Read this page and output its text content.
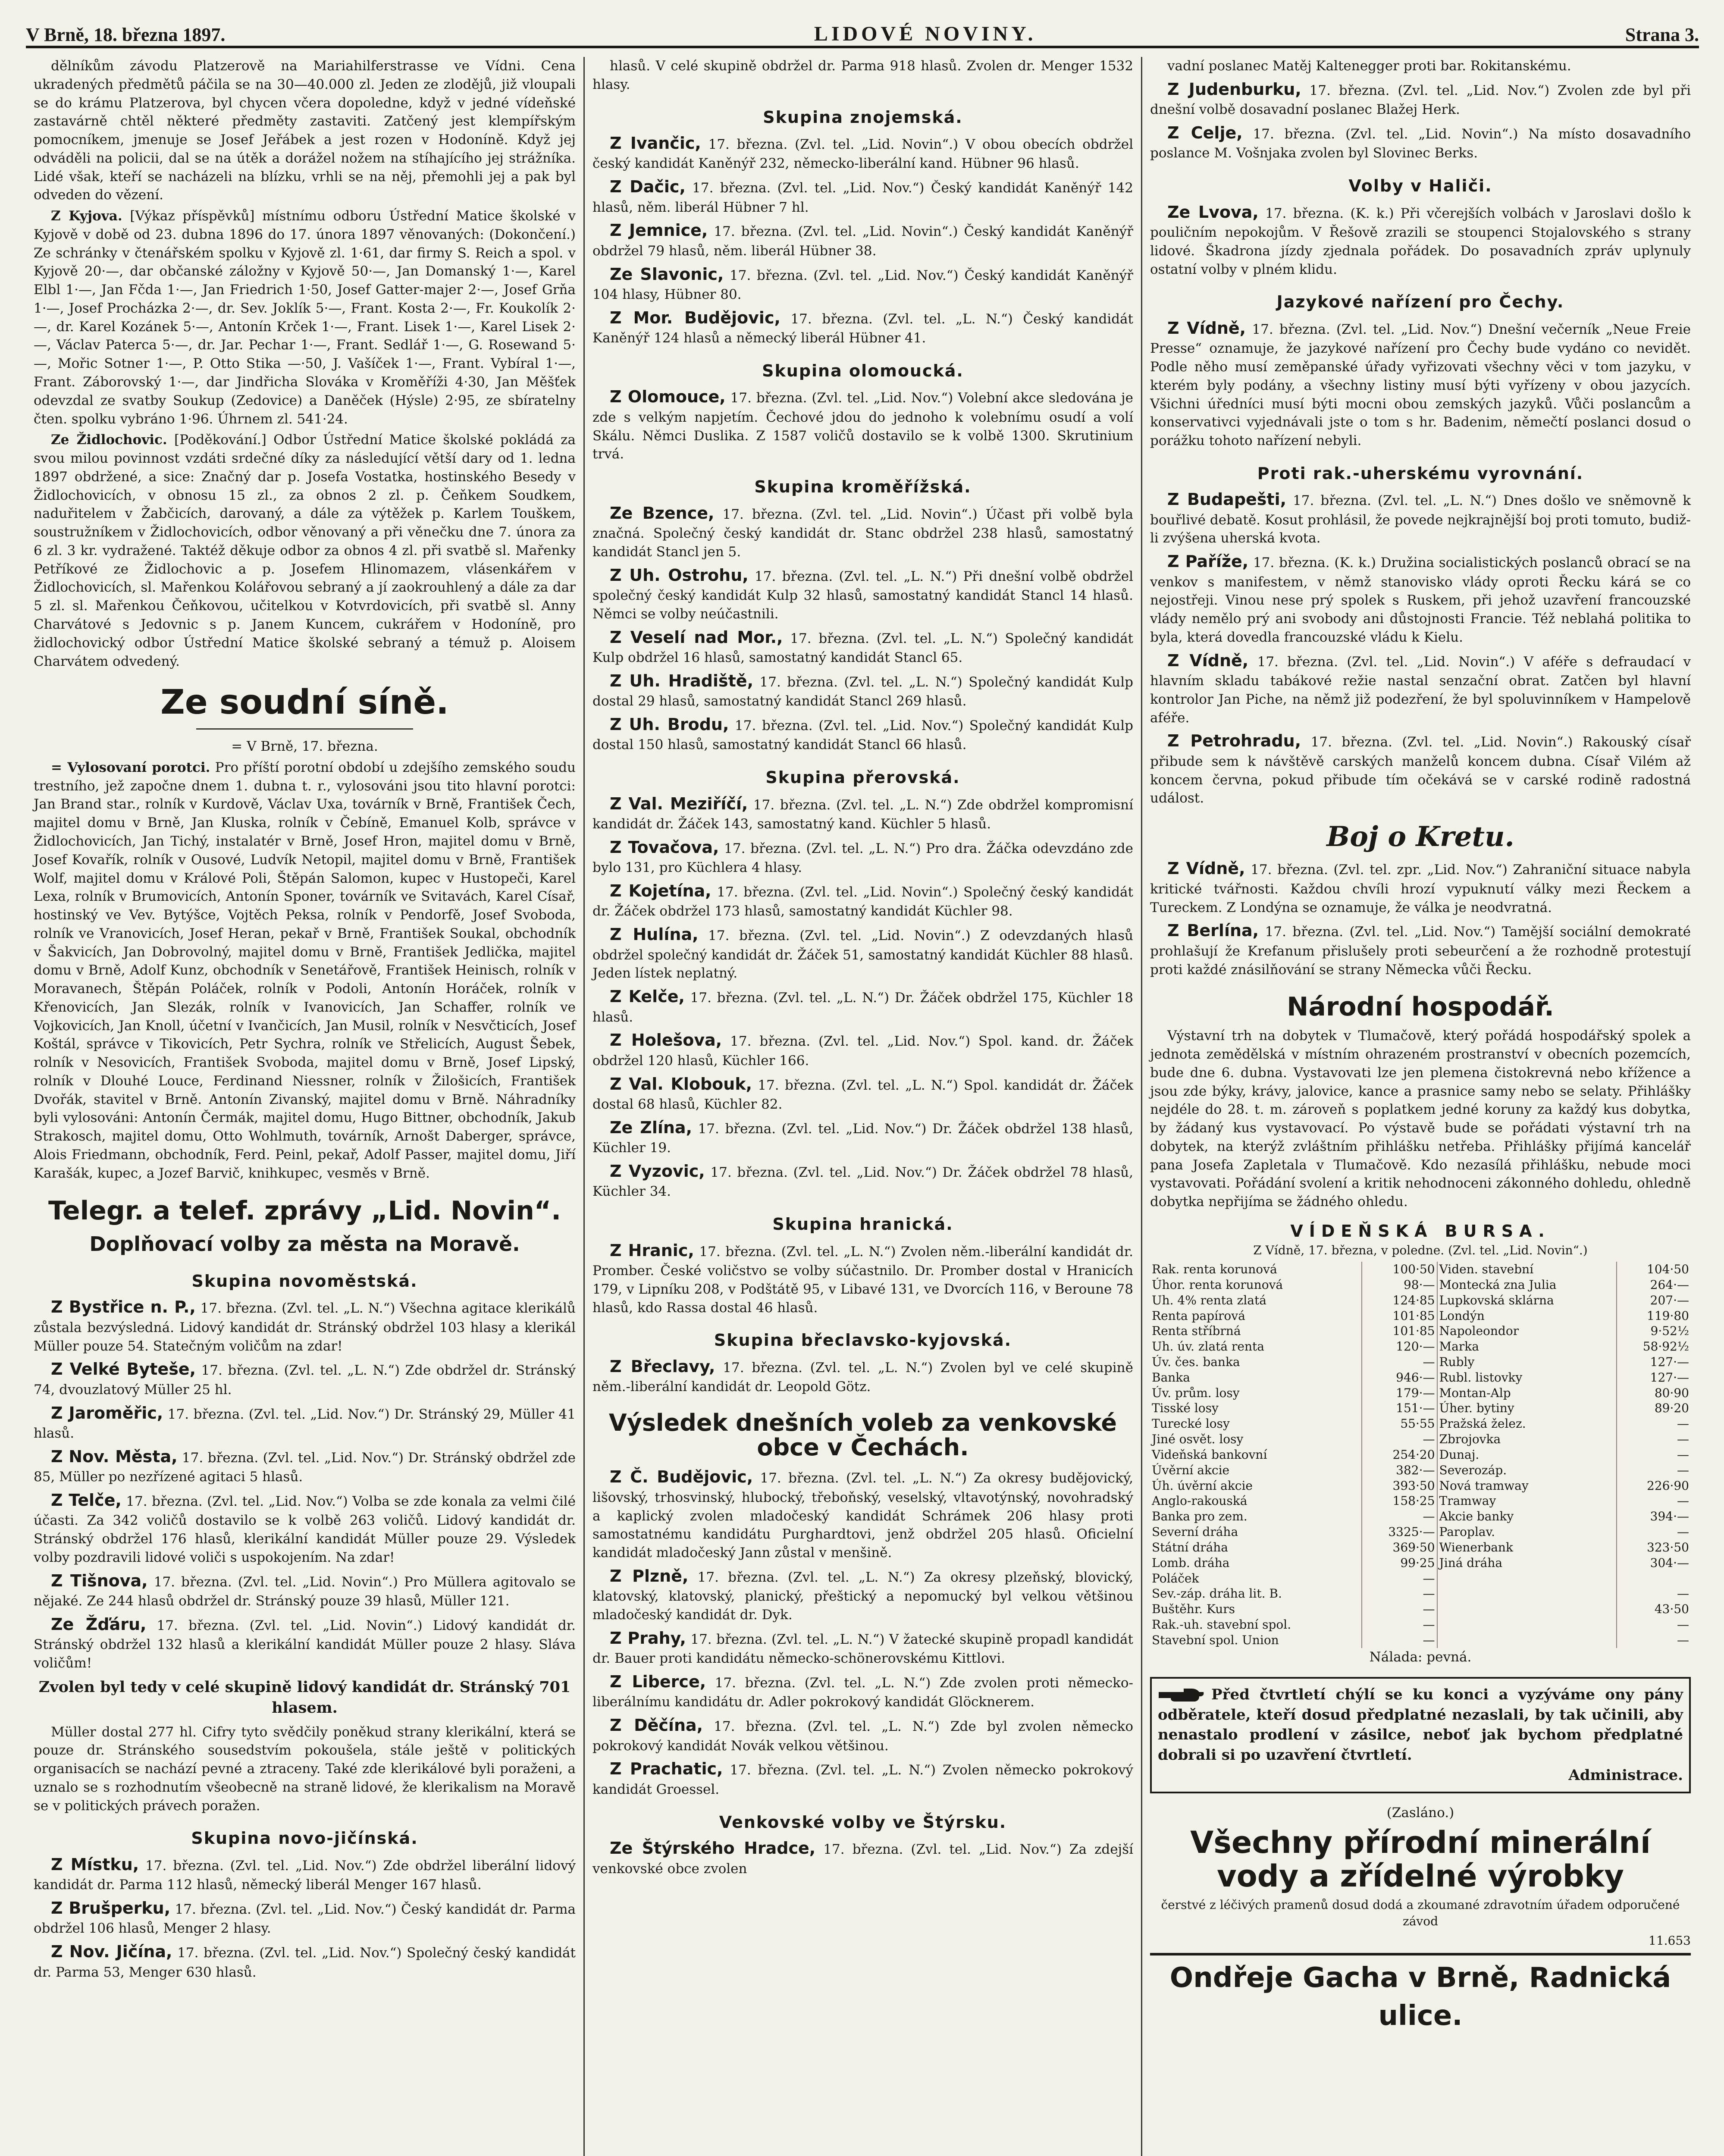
V Brně, 18. března 1897.	LIDOVÉ NOVINY.	Strana 3.

dělníkům závodu Platzerově na Mariahilferstrasse ve Vídni. Cena ukradených předmětů páčila se na 30—40.000 zl. Jeden ze zlodějů, již vloupali se do krámu Platzerova, byl chycen včera dopoledne, když v jedné vídeňské zastavárně chtěl některé předměty zastaviti. Zatčený jest klempířským pomocníkem, jmenuje se Josef Jeřábek a jest rozen v Hodoníně. Když jej odváděli na policii, dal se na útěk a dorážel nožem na stíhajícího jej strážníka. Lidé však, kteří se nacházeli na blízku, vrhli se na něj, přemohli jej a pak byl odveden do vězení.

Z Kyjova. [Výkaz příspěvků] místnímu odboru Ústřední Matice školské v Kyjově v době od 23. dubna 1896 do 17. února 1897 věnovaných: (Dokončení.) Ze schránky v čtenářském spolku v Kyjově zl. 1·61, dar firmy S. Reich a spol. v Kyjově 20·—, dar občanské záložny v Kyjově 50·—, Jan Domanský 1·—, Karel Elbl 1·—, Jan Fčda 1·—, Jan Friedrich 1·50, Josef Gatter-majer 2·—, Josef Grňa 1·—, Josef Procházka 2·—, dr. Sev. Joklík 5·—, Frant. Kosta 2·—, Fr. Koukolík 2·—, dr. Karel Kozánek 5·—, Antonín Krček 1·—, Frant. Lisek 1·—, Karel Lisek 2·—, Václav Paterca 5·—, dr. Jar. Pechar 1·—, Frant. Sedlář 1·—, G. Rosewand 5·—, Mořic Sotner 1·—, P. Otto Stika —·50, J. Vašíček 1·—, Frant. Vybíral 1·—, Frant. Záborovský 1·—, dar Jindřicha Slováka v Kroměříži 4·30, Jan Měšťek odevzdal ze svatby Soukup (Zedovice) a Daněček (Hýsle) 2·95, ze sbíratelny čten. spolku vybráno 1·96. Úhrnem zl. 541·24.

Ze Židlochovic. [Poděkování.] Odbor Ústřední Matice školské pokládá za svou milou povinnost vzdáti srdečné díky za následující větší dary od 1. ledna 1897 obdržené, a sice: Značný dar p. Josefa Vostatka, hostinského Besedy v Židlochovicích, v obnosu 15 zl., za obnos 2 zl. p. Čeňkem Soudkem, naduřitelem v Žabčicích, darovaný, a dále za výtěžek p. Karlem Touškem, soustružníkem v Židlochovicích, odbor věnovaný a při věnečku dne 7. února za 6 zl. 3 kr. vydražené. Taktéž děkuje odbor za obnos 4 zl. při svatbě sl. Mařenky Petříkové ze Židlochovic a p. Josefem Hlinomazem, vlásenkářem v Židlochovicích, sl. Mařenkou Kolářovou sebraný a jí zaokrouhlený a dále za dar 5 zl. sl. Mařenkou Čeňkovou, učitelkou v Kotvrdovicích, při svatbě sl. Anny Charvátové s Jedovnic s p. Janem Kuncem, cukrářem v Hodoníně, pro židlochovický odbor Ústřední Matice školské sebraný a témuž p. Aloisem Charvátem odvedený.

Ze soudní síně.

= V Brně, 17. března.

= Vylosovaní porotci. Pro příští porotní období u zdejšího zemského soudu trestního, jež započne dnem 1. dubna t. r., vylosováni jsou tito hlavní porotci: Jan Brand star., rolník v Kurdově, Václav Uxa, továrník v Brně, František Čech, majitel domu v Brně, Jan Kluska, rolník v Čebíně, Emanuel Kolb, správce v Židlochovicích, Jan Tichý, instalatér v Brně, Josef Hron, majitel domu v Brně, Josef Kovařík, rolník v Ousové, Ludvík Netopil, majitel domu v Brně, František Wolf, majitel domu v Králové Poli, Štěpán Salomon, kupec v Hustopeči, Karel Lexa, rolník v Brumovicích, Antonín Sponer, továrník ve Svitavách, Karel Císař, hostinský ve Vev. Bytýšce, Vojtěch Peksa, rolník v Pendorfě, Josef Svoboda, rolník ve Vranovicích, Josef Heran, pekař v Brně, František Soukal, obchodník v Šakvicích, Jan Dobrovolný, majitel domu v Brně, František Jedlička, majitel domu v Brně, Adolf Kunz, obchodník v Senetářově, František Heinisch, rolník v Moravanech, Štěpán Poláček, rolník v Podoli, Antonín Horáček, rolník v Křenovicích, Jan Slezák, rolník v Ivanovicích, Jan Schaffer, rolník ve Vojkovicích, Jan Knoll, účetní v Ivančicích, Jan Musil, rolník v Nesvčticích, Josef Koštál, správce v Tikovicích, Petr Sychra, rolník ve Střelicích, August Šebek, rolník v Nesovicích, František Svoboda, majitel domu v Brně, Josef Lipský, rolník v Dlouhé Louce, Ferdinand Niessner, rolník v Žilošicích, František Dvořák, stavitel v Brně. Antonín Zivanský, majitel domu v Brně. Náhradníky byli vylosováni: Antonín Čermák, majitel domu, Hugo Bittner, obchodník, Jakub Strakosch, majitel domu, Otto Wohlmuth, továrník, Arnošt Daberger, správce, Alois Friedmann, obchodník, Ferd. Peinl, pekař, Adolf Passer, majitel domu, Jiří Karašák, kupec, a Jozef Barvič, knihkupec, vesměs v Brně.

Telegr. a telef. zprávy „Lid. Novin“.
Doplňovací volby za města na Moravě.
Skupina novoměstská.

Z Bystřice n. P., 17. března. (Zvl. tel. „L. N.“) Všechna agitace klerikálů zůstala bezvýsledná. Lidový kandidát dr. Stránský obdržel 103 hlasy a klerikál Müller pouze 54. Statečným voličům na zdar!

Z Velké Byteše, 17. března. (Zvl. tel. „L. N.“) Zde obdržel dr. Stránský 74, dvouzlatový Müller 25 hl.

Z Jaroměřic, 17. března. (Zvl. tel. „Lid. Nov.“) Dr. Stránský 29, Müller 41 hlasů.

Z Nov. Města, 17. března. (Zvl. tel. „Lid. Nov.“) Dr. Stránský obdržel zde 85, Müller po nezřízené agitaci 5 hlasů.

Z Telče, 17. března. (Zvl. tel. „Lid. Nov.“) Volba se zde konala za velmi čilé účasti. Za 342 voličů dostavilo se k volbě 263 voličů. Lidový kandidát dr. Stránský obdržel 176 hlasů, klerikální kandidát Müller pouze 29. Výsledek volby pozdravili lidové voliči s uspokojením. Na zdar!

Z Tišnova, 17. března. (Zvl. tel. „Lid. Novin“.) Pro Müllera agitovalo se nějaké. Ze 244 hlasů obdržel dr. Stránský pouze 39 hlasů, Müller 121.

Ze Žďáru, 17. března. (Zvl. tel. „Lid. Novin“.) Lidový kandidát dr. Stránský obdržel 132 hlasů a klerikální kandidát Müller pouze 2 hlasy. Sláva voličům!

Zvolen byl tedy v celé skupině lidový kandidát dr. Stránský 701 hlasem.

Müller dostal 277 hl. Cifry tyto svědčily poněkud strany klerikální, která se pouze dr. Stránského sousedstvím pokoušela, stále ještě v politických organisacích se nachází pevné a ztraceny. Také zde klerikálové byli poraženi, a uznalo se s rozhodnutím všeobecně na straně lidové, že klerikalism na Moravě se v politických právech poražen.

Skupina novo-jičínská.

Z Místku, 17. března. (Zvl. tel. „Lid. Nov.“) Zde obdržel liberální lidový kandidát dr. Parma 112 hlasů, německý liberál Menger 167 hlasů.

Z Brušperku, 17. března. (Zvl. tel. „Lid. Nov.“) Český kandidát dr. Parma obdržel 106 hlasů, Menger 2 hlasy.

Z Nov. Jičína, 17. března. (Zvl. tel. „Lid. Nov.“) Společný český kandidát dr. Parma 53, Menger 630 hlasů.

hlasů. V celé skupině obdržel dr. Parma 918 hlasů. Zvolen dr. Menger 1532 hlasy.

Skupina znojemská.

Z Ivančic, 17. března. (Zvl. tel. „Lid. Novin“.) V obou obecích obdržel český kandidát Kaněnýř 232, německo-liberální kand. Hübner 96 hlasů.

Z Dačic, 17. března. (Zvl. tel. „Lid. Nov.“) Český kandidát Kaněnýř 142 hlasů, něm. liberál Hübner 7 hl.

Z Jemnice, 17. března. (Zvl. tel. „Lid. Novin“.) Český kandidát Kaněnýř obdržel 79 hlasů, něm. liberál Hübner 38.

Ze Slavonic, 17. března. (Zvl. tel. „Lid. Nov.“) Český kandidát Kaněnýř 104 hlasy, Hübner 80.

Z Mor. Budějovic, 17. března. (Zvl. tel. „L. N.“) Český kandidát Kaněnýř 124 hlasů a německý liberál Hübner 41.

Skupina olomoucká.

Z Olomouce, 17. března. (Zvl. tel. „Lid. Nov.“) Volební akce sledována je zde s velkým napjetím. Čechové jdou do jednoho k volebnímu osudí a volí Skálu. Němci Duslika. Z 1587 voličů dostavilo se k volbě 1300. Skrutinium trvá.

Skupina kroměřížská.

Ze Bzence, 17. března. (Zvl. tel. „Lid. Novin“.) Účast při volbě byla značná. Společný český kandidát dr. Stanc obdržel 238 hlasů, samostatný kandidát Stancl jen 5.

Z Uh. Ostrohu, 17. března. (Zvl. tel. „L. N.“) Při dnešní volbě obdržel společný český kandidát Kulp 32 hlasů, samostatný kandidát Stancl 14 hlasů. Němci se volby neúčastnili.

Z Veselí nad Mor., 17. března. (Zvl. tel. „L. N.“) Společný kandidát Kulp obdržel 16 hlasů, samostatný kandidát Stancl 65.

Z Uh. Hradiště, 17. března. (Zvl. tel. „L. N.“) Společný kandidát Kulp dostal 29 hlasů, samostatný kandidát Stancl 269 hlasů.

Z Uh. Brodu, 17. března. (Zvl. tel. „Lid. Nov.“) Společný kandidát Kulp dostal 150 hlasů, samostatný kandidát Stancl 66 hlasů.

Skupina přerovská.

Z Val. Meziříčí, 17. března. (Zvl. tel. „L. N.“) Zde obdržel kompromisní kandidát dr. Žáček 143, samostatný kand. Küchler 5 hlasů.

Z Tovačova, 17. března. (Zvl. tel. „L. N.“) Pro dra. Žáčka odevzdáno zde bylo 131, pro Küchlera 4 hlasy.

Z Kojetína, 17. března. (Zvl. tel. „Lid. Novin“.) Společný český kandidát dr. Žáček obdržel 173 hlasů, samostatný kandidát Küchler 98.

Z Hulína, 17. března. (Zvl. tel. „Lid. Novin“.) Z odevzdaných hlasů obdržel společný kandidát dr. Žáček 51, samostatný kandidát Küchler 88 hlasů. Jeden lístek neplatný.

Z Kelče, 17. března. (Zvl. tel. „L. N.“) Dr. Žáček obdržel 175, Küchler 18 hlasů.

Z Holešova, 17. března. (Zvl. tel. „Lid. Nov.“) Spol. kand. dr. Žáček obdržel 120 hlasů, Küchler 166.

Z Val. Klobouk, 17. března. (Zvl. tel. „L. N.“) Spol. kandidát dr. Žáček dostal 68 hlasů, Küchler 82.

Ze Zlína, 17. března. (Zvl. tel. „Lid. Nov.“) Dr. Žáček obdržel 138 hlasů, Küchler 19.

Z Vyzovic, 17. března. (Zvl. tel. „Lid. Nov.“) Dr. Žáček obdržel 78 hlasů, Küchler 34.

Skupina hranická.

Z Hranic, 17. března. (Zvl. tel. „L. N.“) Zvolen něm.-liberální kandidát dr. Promber. České voličstvo se volby súčastnilo. Dr. Promber dostal v Hranicích 179, v Lipníku 208, v Podštátě 95, v Libavé 131, ve Dvorcích 116, v Beroune 78 hlasů, kdo Rassa dostal 46 hlasů.

Skupina břeclavsko-kyjovská.

Z Břeclavy, 17. března. (Zvl. tel. „L. N.“) Zvolen byl ve celé skupině něm.-liberální kandidát dr. Leopold Götz.

Výsledek dnešních voleb za venkovské obce v Čechách.

Z Č. Budějovic, 17. března. (Zvl. tel. „L. N.“) Za okresy budějovický, lišovský, trhosvinský, hlubocký, třeboňský, veselský, vltavotýnský, novohradský a kaplický zvolen mladočeský kandidát Schrámek 206 hlasy proti samostatnému kandidátu Purghardtovi, jenž obdržel 205 hlasů. Oficielní kandidát mladočeský Jann zůstal v menšině.

Z Plzně, 17. března. (Zvl. tel. „L. N.“) Za okresy plzeňský, blovický, klatovský, klatovský, planický, přeštický a nepomucký byl velkou většinou mladočeský kandidát dr. Dyk.

Z Prahy, 17. března. (Zvl. tel. „L. N.“) V žatecké skupině propadl kandidát dr. Bauer proti kandidátu německo-schönerovskému Kittlovi.

Z Liberce, 17. března. (Zvl. tel. „L. N.“) Zde zvolen proti německo-liberálnímu kandidátu dr. Adler pokrokový kandidát Glöcknerem.

Z Děčína, 17. března. (Zvl. tel. „L. N.“) Zde byl zvolen německo pokrokový kandidát Novák velkou většinou.

Z Prachatic, 17. března. (Zvl. tel. „L. N.“) Zvolen německo pokrokový kandidát Groessel.

Venkovské volby ve Štýrsku.

Ze Štýrského Hradce, 17. března. (Zvl. tel. „Lid. Nov.“) Za zdejší venkovské obce zvolen

vadní poslanec Matěj Kaltenegger proti bar. Rokitanskému.

Z Judenburku, 17. března. (Zvl. tel. „Lid. Nov.“) Zvolen zde byl při dnešní volbě dosavadní poslanec Blažej Herk.

Z Celje, 17. března. (Zvl. tel. „Lid. Novin“.) Na místo dosavadního poslance M. Vošnjaka zvolen byl Slovinec Berks.

Volby v Haliči.

Ze Lvova, 17. března. (K. k.) Při včerejších volbách v Jaroslavi došlo k pouličním nepokojům. V Řešově zrazili se stoupenci Stojalovského s strany lidové. Škadrona jízdy zjednala pořádek. Do posavadních zpráv uplynuly ostatní volby v plném klidu.

Jazykové nařízení pro Čechy.

Z Vídně, 17. března. (Zvl. tel. „Lid. Nov.“) Dnešní večerník „Neue Freie Presse“ oznamuje, že jazykové nařízení pro Čechy bude vydáno co nevidět. Podle něho musí zeměpanské úřady vyřizovati všechny věci v tom jazyku, v kterém byly podány, a všechny listiny musí býti vyřízeny v obou jazycích. Všichni úředníci musí býti mocni obou zemských jazyků. Vůči poslancům a konservativci vyjednávali jste o tom s hr. Badenim, němečtí poslanci dosud o porážku tohoto nařízení nebyli.

Proti rak.-uherskému vyrovnání.

Z Budapešti, 17. března. (Zvl. tel. „L. N.“) Dnes došlo ve sněmovně k bouřlivé debatě. Kosut prohlásil, že povede nejkrajnější boj proti tomuto, budiž-li zvýšena uherská kvota.

Z Paříže, 17. března. (K. k.) Družina socialistických poslanců obrací se na venkov s manifestem, v němž stanovisko vlády oproti Řecku kárá se co nejostřeji. Vinou nese prý spolek s Ruskem, při jehož uzavření francouzské vlády nemělo prý ani svobody ani důstojnosti Francie. Též neblahá politika to byla, která dovedla francouzské vládu k Kielu.

Z Vídně, 17. března. (Zvl. tel. „Lid. Novin“.) V aféře s defraudací v hlavním skladu tabákové režie nastal senzační obrat. Zatčen byl hlavní kontrolor Jan Piche, na němž již podezření, že byl spoluvinníkem v Hampelově aféře.

Z Petrohradu, 17. března. (Zvl. tel. „Lid. Novin“.) Rakouský císař přibude sem k návštěvě carských manželů koncem dubna. Císař Vilém až koncem června, pokud přibude tím očekává se v carské rodině radostná událost.

Boj o Kretu.

Z Vídně, 17. března. (Zvl. tel. zpr. „Lid. Nov.“) Zahraniční situace nabyla kritické tvářnosti. Každou chvíli hrozí vypuknutí války mezi Řeckem a Tureckem. Z Londýna se oznamuje, že válka je neodvratná.

Z Berlína, 17. března. (Zvl. tel. „Lid. Nov.“) Tamější sociální demokraté prohlašují že Krefanum přislušely proti sebeurčení a že rozhodně protestují proti každé znásilňování se strany Německa vůči Řecku.

Národní hospodář.

Výstavní trh na dobytek v Tlumačově, který pořádá hospodářský spolek a jednota zemědělská v místním ohrazeném prostranství v obecních pozemcích, bude dne 6. dubna. Vystavovati lze jen plemena čistokrevná nebo křížence a jsou zde býky, krávy, jalovice, kance a prasnice samy nebo se selaty. Přihlášky nejdéle do 28. t. m. zároveň s poplatkem jedné koruny za každý kus dobytka, by žádaný kus vystavovací. Po výstavě bude se pořádati výstavní trh na dobytek, na kterýž zvláštním přihlášku netřeba. Přihlášky přijímá kancelář pana Josefa Zapletala v Tlumačově. Kdo nezasílá přihlášku, nebude moci vystavovati. Pořádání svolení a kritik nehodnoceni zákonného dohledu, ohledně dobytka nepřijíma se žádného ohledu.

VÍDEŇSKÁ BURSA.

Z Vídně, 17. března, v poledne. (Zvl. tel. „Lid. Novin“.)

Rak. renta korunová	100·50	Viden. stavební	104·50
Úhor. renta korunová	98·—	Montecká zna Julia	264·—
Uh. 4% renta zlatá	124·85	Lupkovská sklárna	207·—
Renta papírová	101·85	Londýn	119·80
Renta stříbrná	101·85	Napoleondor	9·52½
Uh. úv. zlatá renta	120·—	Marka	58·92½
Úv. čes. banka	—	Rubly	127·—
Banka	946·—	Rubl. listovky	127·—
Úv. prům. losy	179·—	Montan-Alp	80·90
Tisské losy	151·—	Úher. bytiny	89·20
Turecké losy	55·55	Pražská želez.	—
Jiné osvět. losy	—	Zbrojovka	—
Videňská bankovní	254·20	Dunaj.	—
Úvěrní akcie	382·—	Severozáp.	—
Úh. úvěrní akcie	393·50	Nová tramway	226·90
Anglo-rakouská	158·25	Tramway	—
Banka pro zem.	—	Akcie banky	394·—
Severní dráha	3325·—	Paroplav.	—
Státní dráha	369·50	Wienerbank	323·50
Lomb. dráha	99·25	Jiná dráha	304·—
Poláček	—		
Sev.-záp. dráha lit. B.	—		—
Buštěhr. Kurs	—		43·50
Rak.-uh. stavební spol.	—		—
Stavební spol. Union	—		—

Nálada: pevná.

Před čtvrtletí chýlí se ku konci a vyzýváme ony pány odběratele, kteří dosud předplatné nezaslali, by tak učinili, aby nenastalo prodlení v zásilce, neboť jak bychom předplatné dobrali si po uzavření čtvrtletí.
Administrace.

(Zasláno.)

Všechny přírodní minerální vody a zřídelné výrobky

čerstvé z léčivých pramenů dosud dodá a zkoumané zdravotním úřadem odporučené závod

11.653

Ondřeje Gacha v Brně, Radnická ulice.
